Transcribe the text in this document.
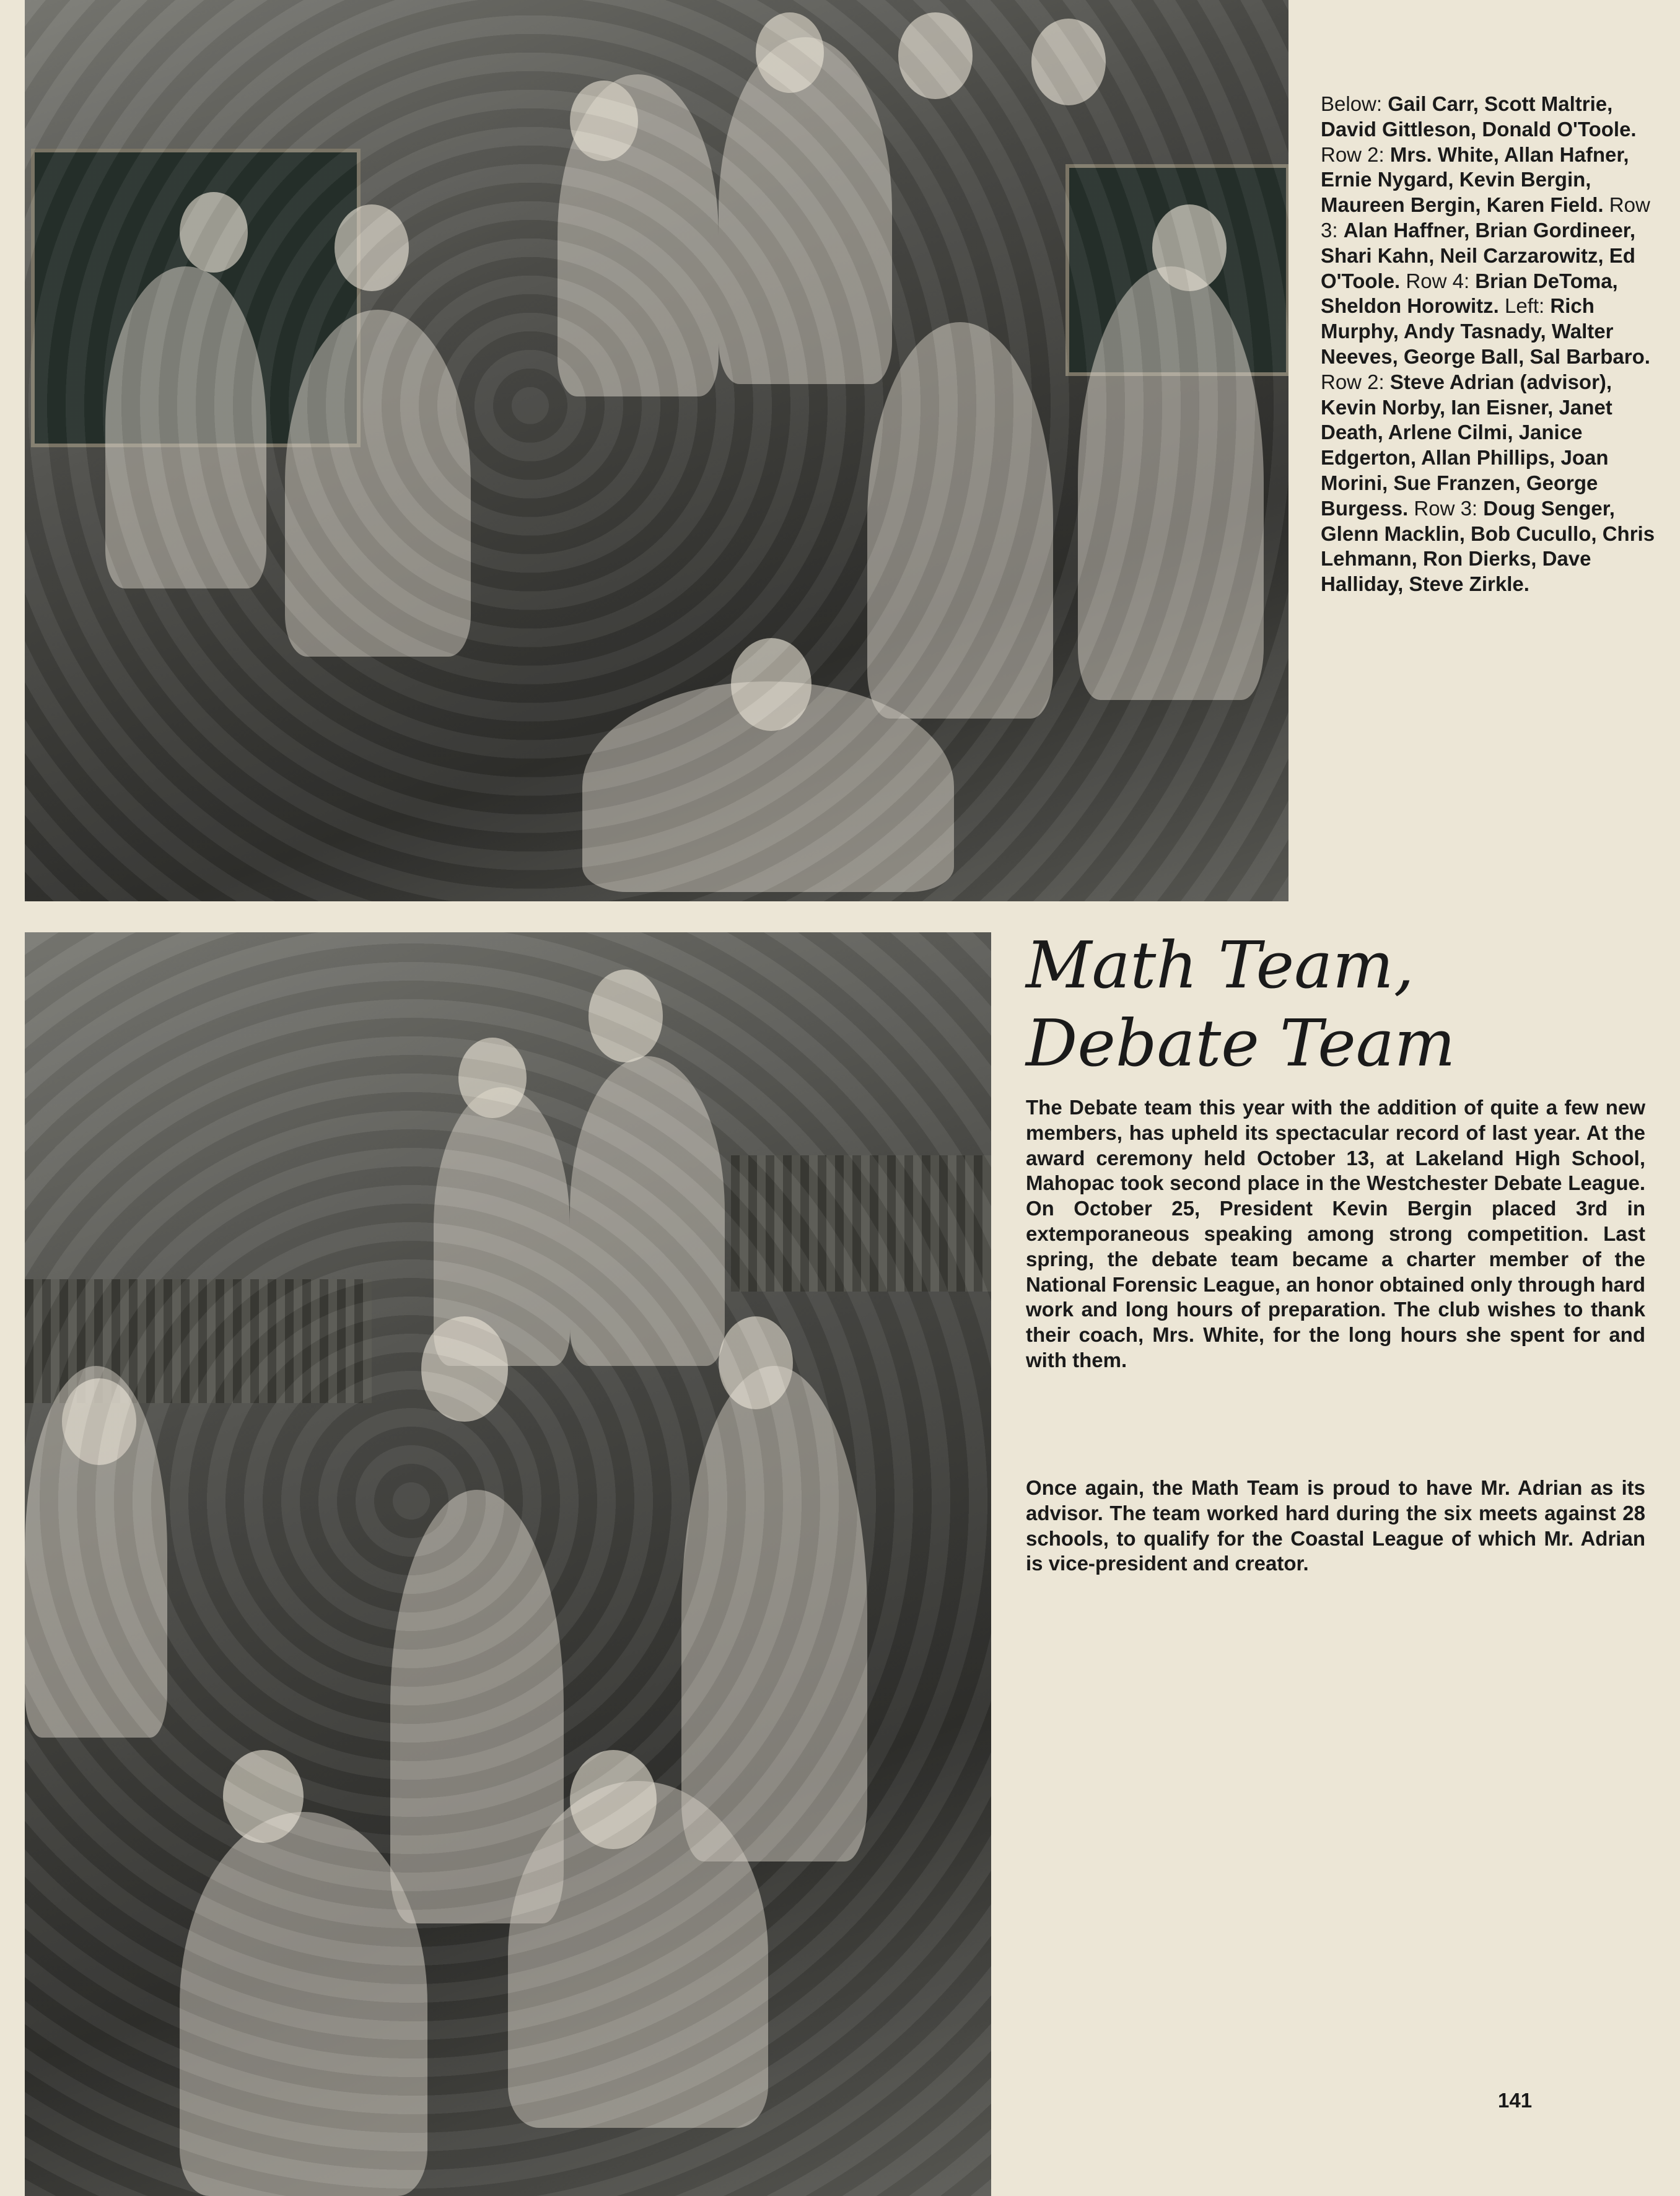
Below: Gail Carr, Scott Maltrie, David Gittleson, Donald O'Toole. Row 2: Mrs. White, Allan Hafner, Ernie Nygard, Kevin Bergin, Maureen Bergin, Karen Field. Row 3: Alan Haffner, Brian Gordineer, Shari Kahn, Neil Carzarowitz, Ed O'Toole. Row 4: Brian DeToma, Sheldon Horowitz. Left: Rich Murphy, Andy Tasnady, Walter Neeves, George Ball, Sal Barbaro. Row 2: Steve Adrian (advisor), Kevin Norby, Ian Eisner, Janet Death, Arlene Cilmi, Janice Edgerton, Allan Phillips, Joan Morini, Sue Franzen, George Burgess. Row 3: Doug Senger, Glenn Macklin, Bob Cucullo, Chris Lehmann, Ron Dierks, Dave Halliday, Steve Zirkle.
Math Team,
Debate Team
The Debate team this year with the addition of quite a few new members, has upheld its spectacular record of last year. At the award ceremony held October 13, at Lakeland High School, Mahopac took second place in the Westchester Debate League. On October 25, President Kevin Bergin placed 3rd in extemporaneous speaking among strong competition. Last spring, the debate team became a charter member of the National Forensic League, an honor obtained only through hard work and long hours of preparation. The club wishes to thank their coach, Mrs. White, for the long hours she spent for and with them.
Once again, the Math Team is proud to have Mr. Adrian as its advisor. The team worked hard during the six meets against 28 schools, to qualify for the Coastal League of which Mr. Adrian is vice-president and creator.
141
